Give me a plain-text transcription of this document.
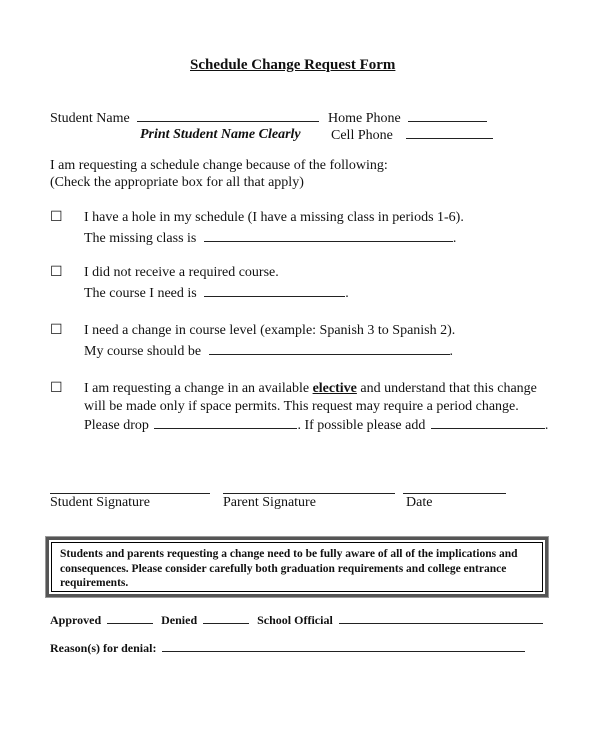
Schedule Change Request Form
Student Name	Home Phone
Print Student Name Clearly Cell Phone
I am requesting a schedule change because of the following:
(Check the appropriate box for all that apply)
☐ I have a hole in my schedule (I have a missing class in periods 1-6).
The missing class is	.
☐ I did not receive a required course.
The course I need is	.
☐ I need a change in course level (example: Spanish 3 to Spanish 2).
My course should be	.
☐ I am requesting a change in an available elective and understand that this change
will be made only if space permits. This request may require a period change.
Please drop	. If possible please add	.
Student Signature	Parent Signature	Date
Students and parents requesting a change need to be fully aware of all of the implications and consequences. Please consider carefully both graduation requirements and college entrance requirements.
Approved	Denied	School Official
Reason(s) for denial:
